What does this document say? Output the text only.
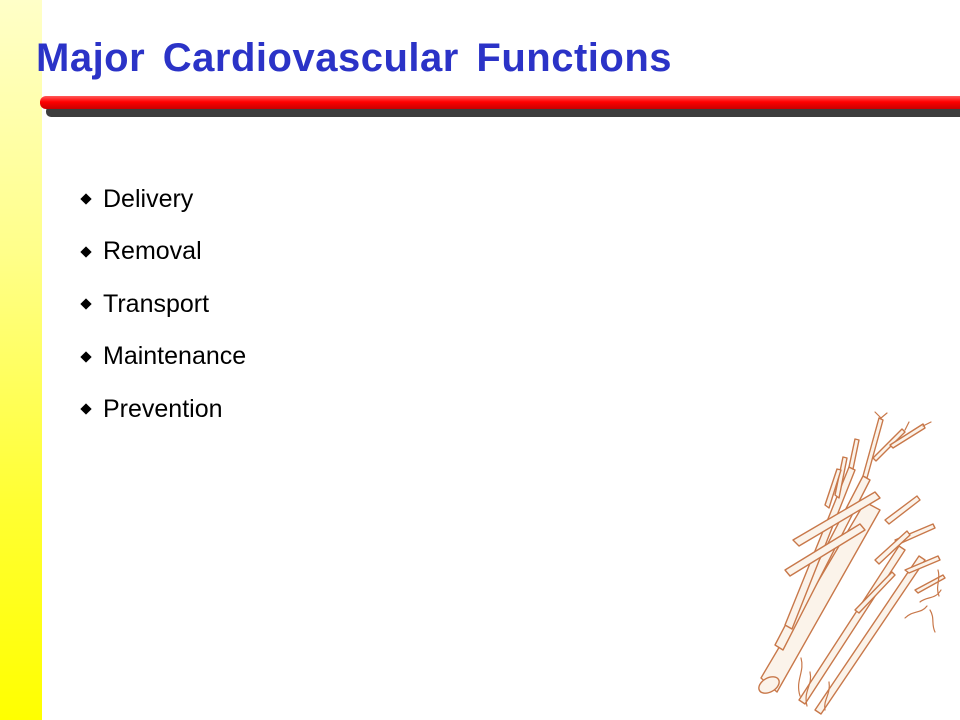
Major Cardiovascular Functions
Delivery
Removal
Transport
Maintenance
Prevention
